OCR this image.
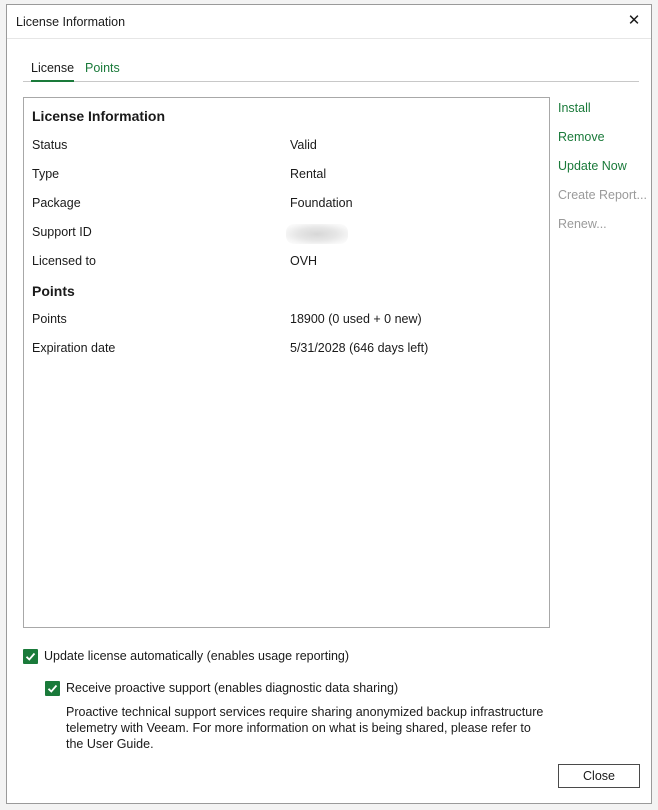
License Information	✕
License Points
License Information
Status	Valid
Type	Rental
Package	Foundation
Support ID
Licensed to	OVH
Points
Points	18900 (0 used + 0 new)
Expiration date	5/31/2028 (646 days left)
Install
Remove
Update Now
Create Report...
Renew...
Update license automatically (enables usage reporting)
Receive proactive support (enables diagnostic data sharing)
Proactive technical support services require sharing anonymized backup infrastructure telemetry with Veeam. For more information on what is being shared, please refer to the User Guide.
Close
